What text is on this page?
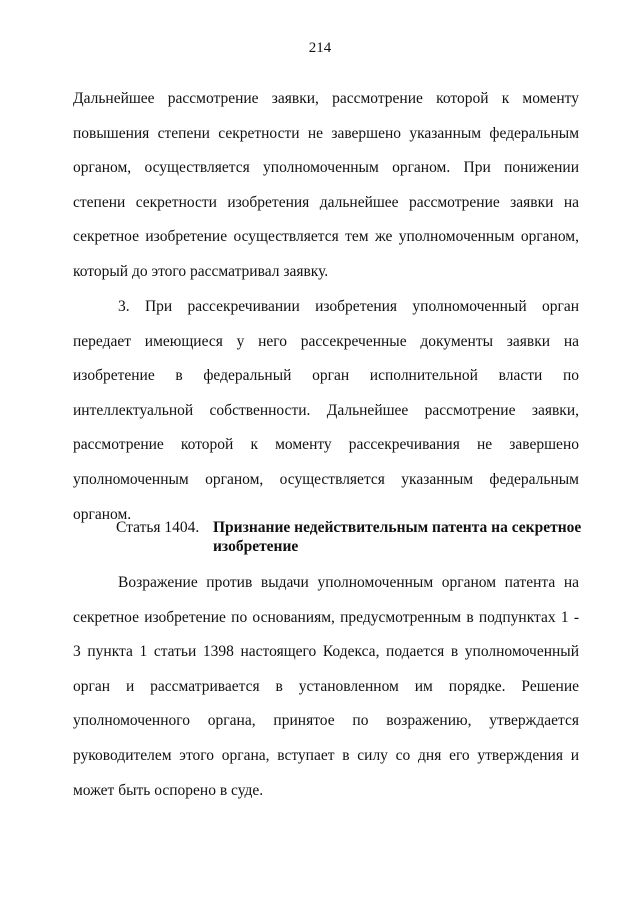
214

Дальнейшее рассмотрение заявки, рассмотрение которой к моменту повышения степени секретности не завершено указанным федеральным органом, осуществляется уполномоченным органом. При понижении степени секретности изобретения дальнейшее рассмотрение заявки на секретное изобретение осуществляется тем же уполномоченным органом, который до этого рассматривал заявку.

3. При рассекречивании изобретения уполномоченный орган передает имеющиеся у него рассекреченные документы заявки на изобретение в федеральный орган исполнительной власти по интеллектуальной собственности. Дальнейшее рассмотрение заявки, рассмотрение которой к моменту рассекречивания не завершено уполномоченным органом, осуществляется указанным федеральным органом.

Статья 1404. Признание недействительным патента на секретное изобретение

Возражение против выдачи уполномоченным органом патента на секретное изобретение по основаниям, предусмотренным в подпунктах 1 - 3 пункта 1 статьи 1398 настоящего Кодекса, подается в уполномоченный орган и рассматривается в установленном им порядке. Решение уполномоченного органа, принятое по возражению, утверждается руководителем этого органа, вступает в силу со дня его утверждения и может быть оспорено в суде.
